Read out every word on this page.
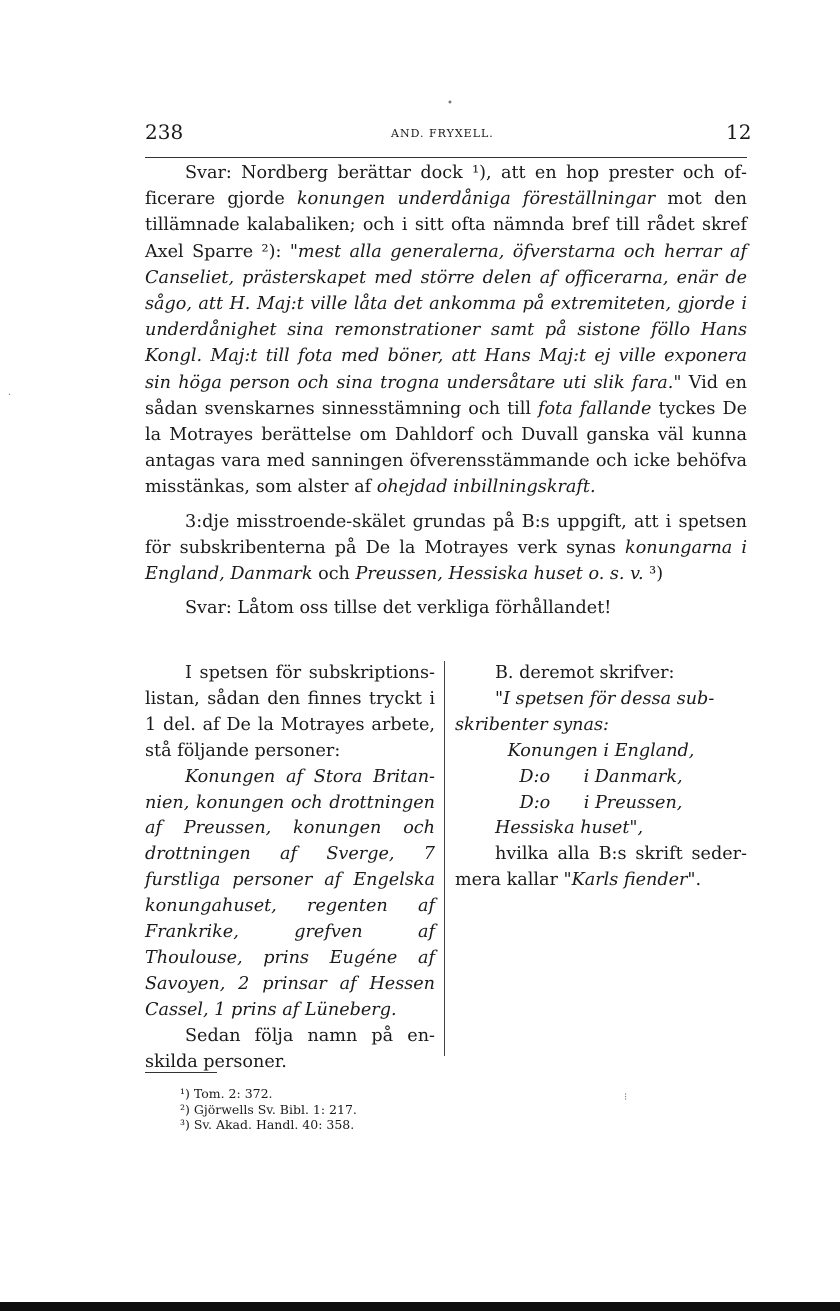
238	AND. FRYXELL.	12

Svar: Nordberg berättar dock ¹), att en hop prester och officerare gjorde konungen underdåniga föreställningar mot den tillämnade kalabaliken; och i sitt ofta nämnda bref till rådet skref Axel Sparre ²): "mest alla generalerna, öfverstarna och herrar af Canseliet, prästerskapet med större delen af officerarna, enär de sågo, att H. Maj:t ville låta det ankomma på extremiteten, gjorde i underdånighet sina remonstrationer samt på sistone föllo Hans Kongl. Maj:t till fota med böner, att Hans Maj:t ej ville exponera sin höga person och sina trogna undersåtare uti slik fara." Vid en sådan svenskarnes sinnesstämning och till fota fallande tyckes De la Motrayes berättelse om Dahldorf och Duvall ganska väl kunna antagas vara med sanningen öfverensstämmande och icke behöfva misstänkas, som alster af ohejdad inbillningskraft.

3:dje misstroende-skälet grundas på B:s uppgift, att i spetsen för subskribenterna på De la Motrayes verk synas konungarna i England, Danmark och Preussen, Hessiska huset o. s. v. ³)

Svar: Låtom oss tillse det verkliga förhållandet!

I spetsen för subskriptionslistan, sådan den finnes tryckt i 1 del. af De la Motrayes arbete, stå följande personer:

Konungen af Stora Britannien, konungen och drottningen af Preussen, konungen och drottningen af Sverge, 7 furstliga personer af Engelska konungahuset, regenten af Frankrike, grefven af Thoulouse, prins Eugéne af Savoyen, 2 prinsar af Hessen Cassel, 1 prins af Lüneberg.

Sedan följa namn på enskilda personer.

B. deremot skrifver:

"I spetsen för dessa subskribenter synas:

Konungen i England,

D:o      i Danmark,

D:o      i Preussen,

Hessiska huset",

hvilka alla B:s skrift sedermera kallar "Karls fiender".

¹) Tom. 2: 372.

²) Gjörwells Sv. Bibl. 1: 217.

³) Sv. Akad. Handl. 40: 358.

•
·
⁝
